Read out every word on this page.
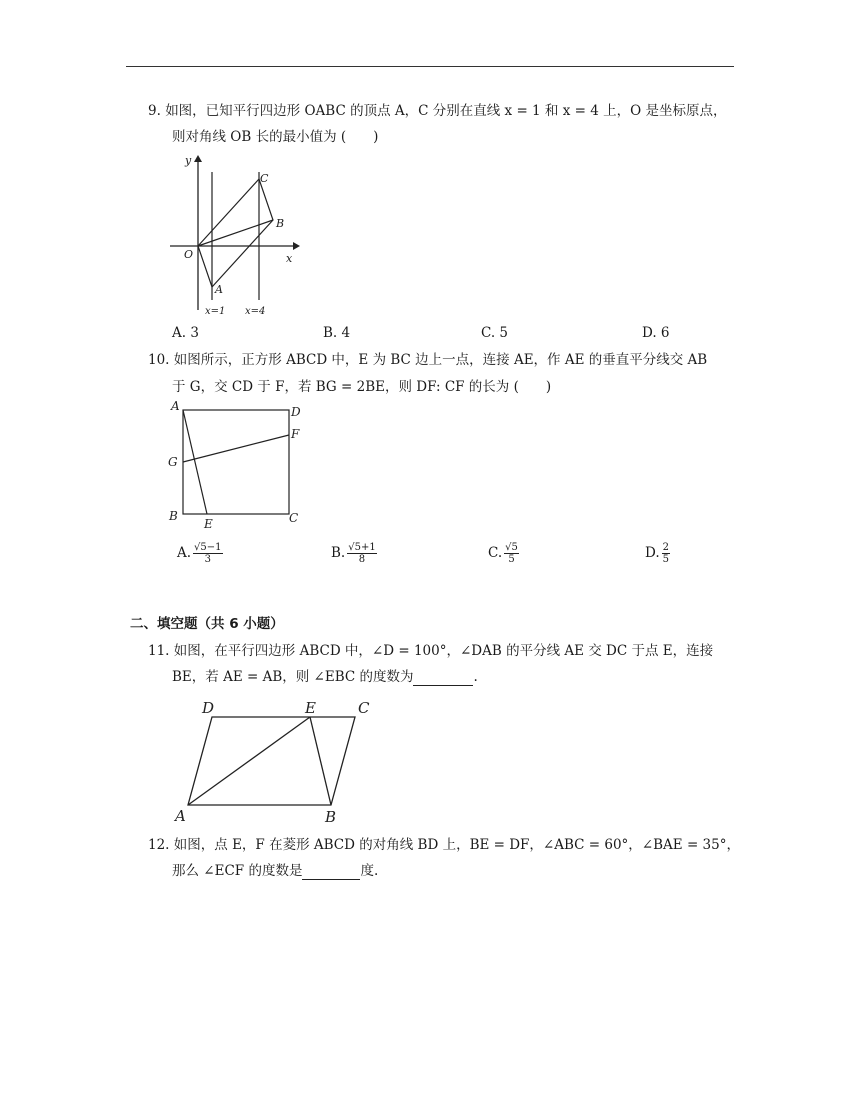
9. 如图，已知平行四边形 OABC 的顶点 A，C 分别在直线 x = 1 和 x = 4 上，O 是坐标原点，
则对角线 OB 长的最小值为 (　　)
y
x
O
A
B
C
x=1 x=4
A. 3	B. 4	C. 5	D. 6
10. 如图所示，正方形 ABCD 中，E 为 BC 边上一点，连接 AE，作 AE 的垂直平分线交 AB
于 G，交 CD 于 F，若 BG = 2BE，则 DF: CF 的长为 (　　)
A	D
F
G
B
E	C
A. $\frac{√5-1}{3}$	B. $\frac{√5+1}{8}$	C. $\frac{√5}{5}$	D. $\frac{2}{5}$
二、填空题（共 6 小题）
11. 如图，在平行四边形 ABCD 中，∠D = 100°，∠DAB 的平分线 AE 交 DC 于点 E，连接
BE，若 AE = AB，则 ∠EBC 的度数为	.
D	E	C
A	B
12. 如图，点 E，F 在菱形 ABCD 的对角线 BD 上，BE = DF，∠ABC = 60°，∠BAE = 35°，
那么 ∠ECF 的度数是	度.
